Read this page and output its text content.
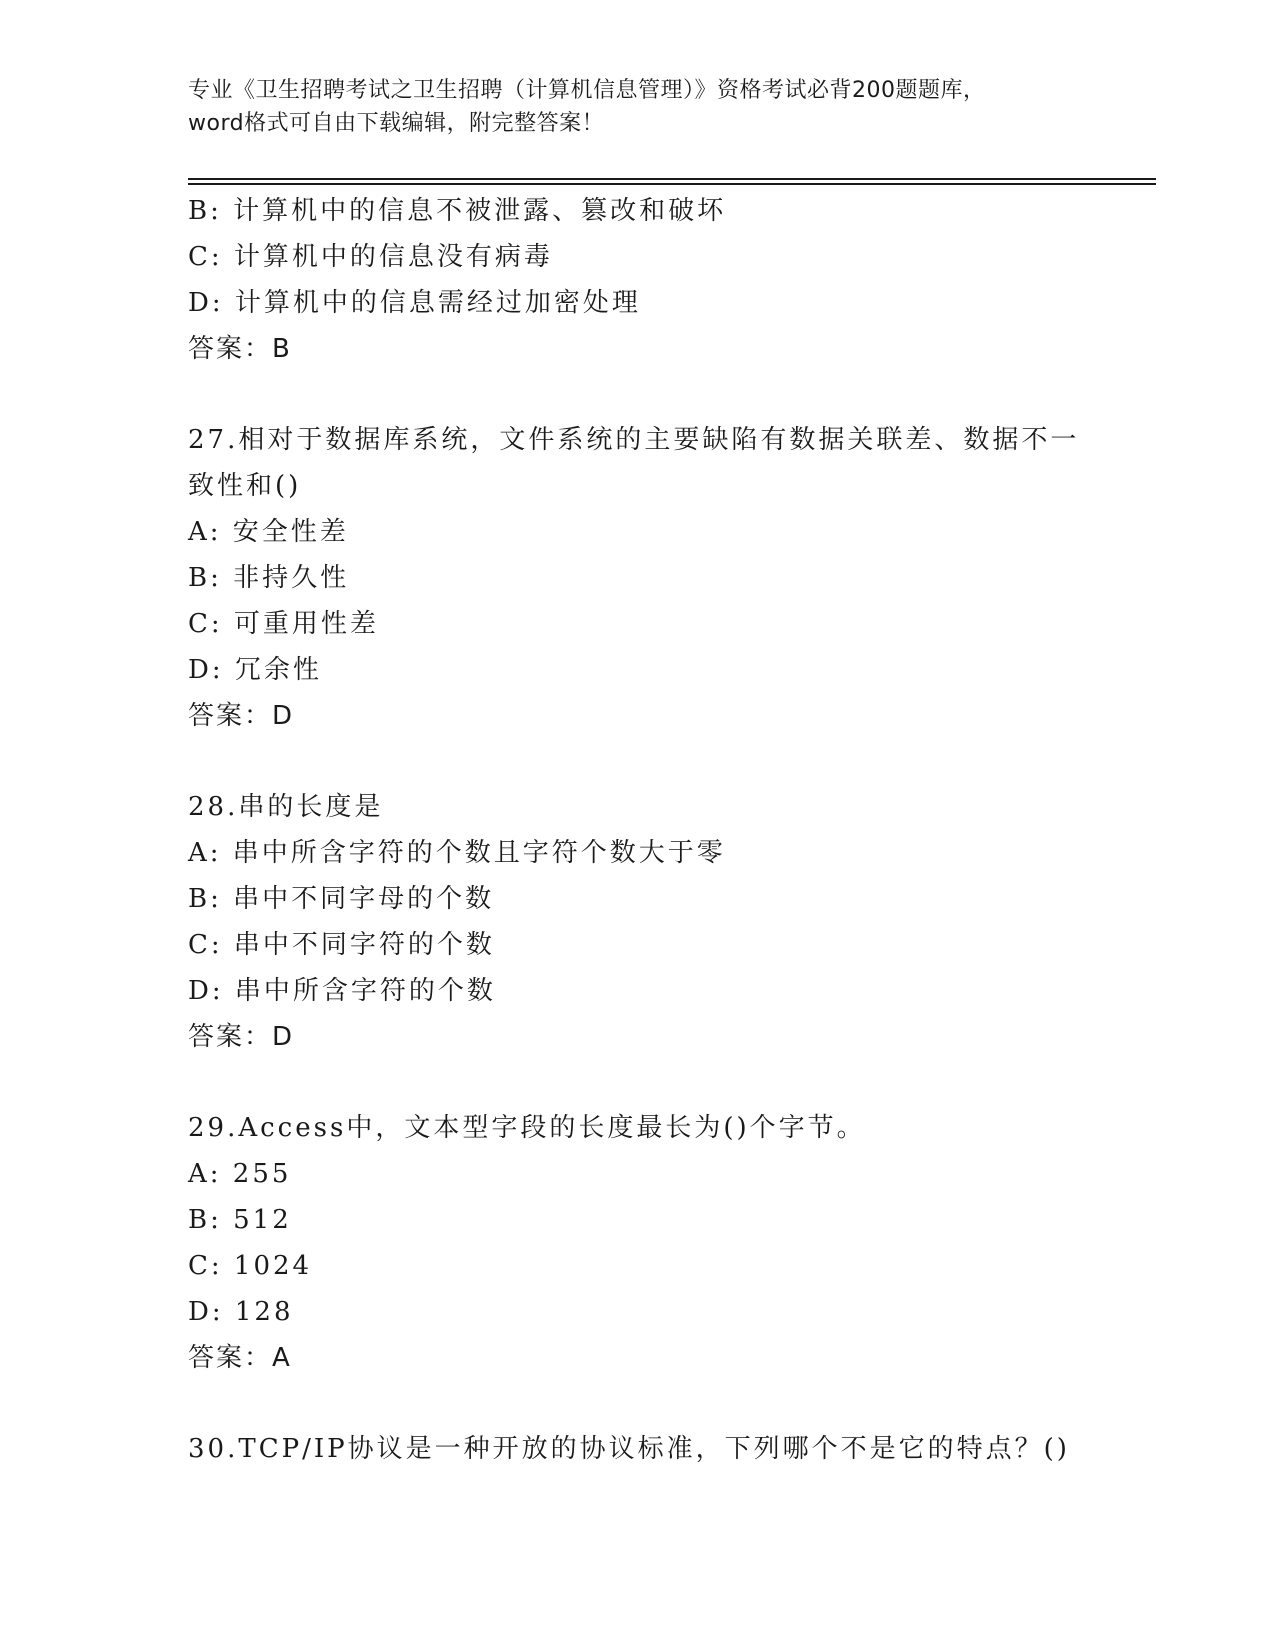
专业《卫生招聘考试之卫生招聘（计算机信息管理）》资格考试必背200题题库，
word格式可自由下载编辑，附完整答案！
B: 计算机中的信息不被泄露、篡改和破坏
C: 计算机中的信息没有病毒
D: 计算机中的信息需经过加密处理
答案：B
27.相对于数据库系统，文件系统的主要缺陷有数据关联差、数据不一
致性和()
A: 安全性差
B: 非持久性
C: 可重用性差
D: 冗余性
答案：D
28.串的长度是
A: 串中所含字符的个数且字符个数大于零
B: 串中不同字母的个数
C: 串中不同字符的个数
D: 串中所含字符的个数
答案：D
29.Access中，文本型字段的长度最长为()个字节。
A: 255
B: 512
C: 1024
D: 128
答案：A
30.TCP/IP协议是一种开放的协议标准，下列哪个不是它的特点？()
